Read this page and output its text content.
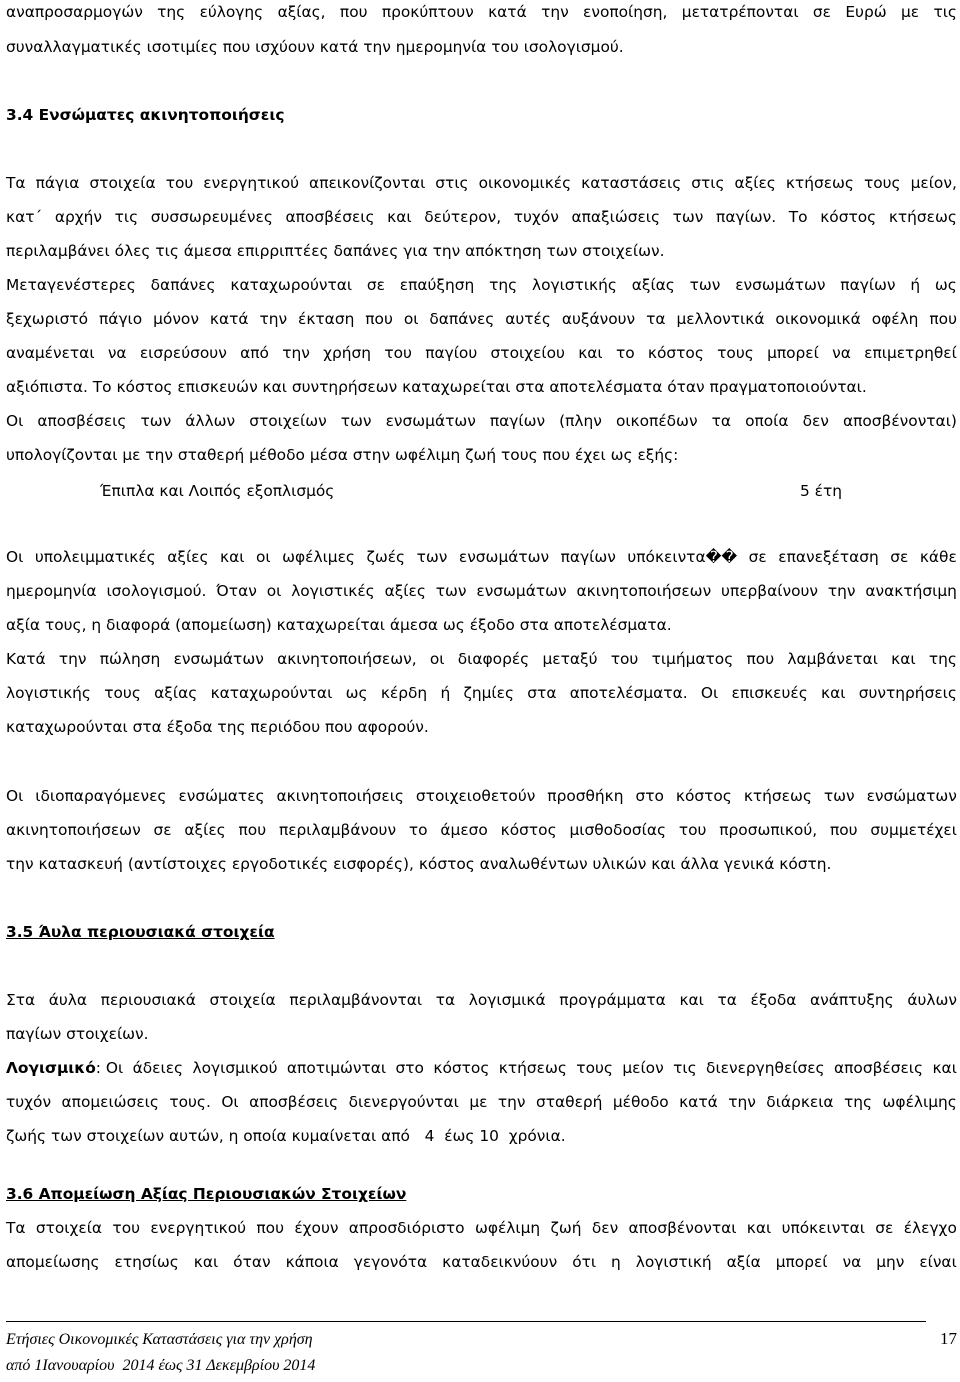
αναπροσαρμογών της εύλογης αξίας, που προκύπτουν κατά την ενοποίηση, μετατρέπονται σε Ευρώ με τις
συναλλαγματικές ισοτιμίες που ισχύουν κατά την ημερομηνία του ισολογισμού.
3.4 Ενσώματες ακινητοποιήσεις
Τα πάγια στοιχεία του ενεργητικού απεικονίζονται στις οικονομικές καταστάσεις στις αξίες κτήσεως τους μείον,
κατ΄ αρχήν τις συσσωρευμένες αποσβέσεις και δεύτερον, τυχόν απαξιώσεις των παγίων. Το κόστος κτήσεως
περιλαμβάνει όλες τις άμεσα επιρριπτέες δαπάνες για την απόκτηση των στοιχείων.
Μεταγενέστερες δαπάνες καταχωρούνται σε επαύξηση της λογιστικής αξίας των ενσωμάτων παγίων ή ως
ξεχωριστό πάγιο μόνον κατά την έκταση που οι δαπάνες αυτές αυξάνουν τα μελλοντικά οικονομικά οφέλη που
αναμένεται να εισρεύσουν από την χρήση του παγίου στοιχείου και το κόστος τους μπορεί να επιμετρηθεί
αξιόπιστα. Το κόστος επισκευών και συντηρήσεων καταχωρείται στα αποτελέσματα όταν πραγματοποιούνται.
Οι αποσβέσεις των άλλων στοιχείων των ενσωμάτων παγίων (πλην οικοπέδων τα οποία δεν αποσβένονται)
υπολογίζονται με την σταθερή μέθοδο μέσα στην ωφέλιμη ζωή τους που έχει ως εξής:
Έπιπλα και Λοιπός εξοπλισμός	5 έτη
Οι υπολειμματικές αξίες και οι ωφέλιμες ζωές των ενσωμάτων παγίων υπόκειντα�� σε επανεξέταση σε κάθε
ημερομηνία ισολογισμού. Όταν οι λογιστικές αξίες των ενσωμάτων ακινητοποιήσεων υπερβαίνουν την ανακτήσιμη
αξία τους, η διαφορά (απομείωση) καταχωρείται άμεσα ως έξοδο στα αποτελέσματα.
Κατά την πώληση ενσωμάτων ακινητοποιήσεων, οι διαφορές μεταξύ του τιμήματος που λαμβάνεται και της
λογιστικής τους αξίας καταχωρούνται ως κέρδη ή ζημίες στα αποτελέσματα. Οι επισκευές και συντηρήσεις
καταχωρούνται στα έξοδα της περιόδου που αφορούν.
Οι ιδιοπαραγόμενες ενσώματες ακινητοποιήσεις στοιχειοθετούν προσθήκη στο κόστος κτήσεως των ενσώματων
ακινητοποιήσεων σε αξίες που περιλαμβάνουν το άμεσο κόστος μισθοδοσίας του προσωπικού, που συμμετέχει
την κατασκευή (αντίστοιχες εργοδοτικές εισφορές), κόστος αναλωθέντων υλικών και άλλα γενικά κόστη.
3.5 Άυλα περιουσιακά στοιχεία
Στα άυλα περιουσιακά στοιχεία περιλαμβάνονται τα λογισμικά προγράμματα και τα έξοδα ανάπτυξης άυλων
παγίων στοιχείων.
Λογισμικό: Οι άδειες λογισμικού αποτιμώνται στο κόστος κτήσεως τους μείον τις διενεργηθείσες αποσβέσεις και
τυχόν απομειώσεις τους. Οι αποσβέσεις διενεργούνται με την σταθερή μέθοδο κατά την διάρκεια της ωφέλιμης
ζωής των στοιχείων αυτών, η οποία κυμαίνεται από   4  έως 10  χρόνια.
3.6 Απομείωση Αξίας Περιουσιακών Στοιχείων
Τα στοιχεία του ενεργητικού που έχουν απροσδιόριστο ωφέλιμη ζωή δεν αποσβένονται και υπόκεινται σε έλεγχο
απομείωσης ετησίως και όταν κάποια γεγονότα καταδεικνύουν ότι η λογιστική αξία μπορεί να μην είναι
Ετήσιες Οικονομικές Καταστάσεις για την χρήση
από 1Ιανουαρίου  2014 έως 31 Δεκεμβρίου 2014
17
